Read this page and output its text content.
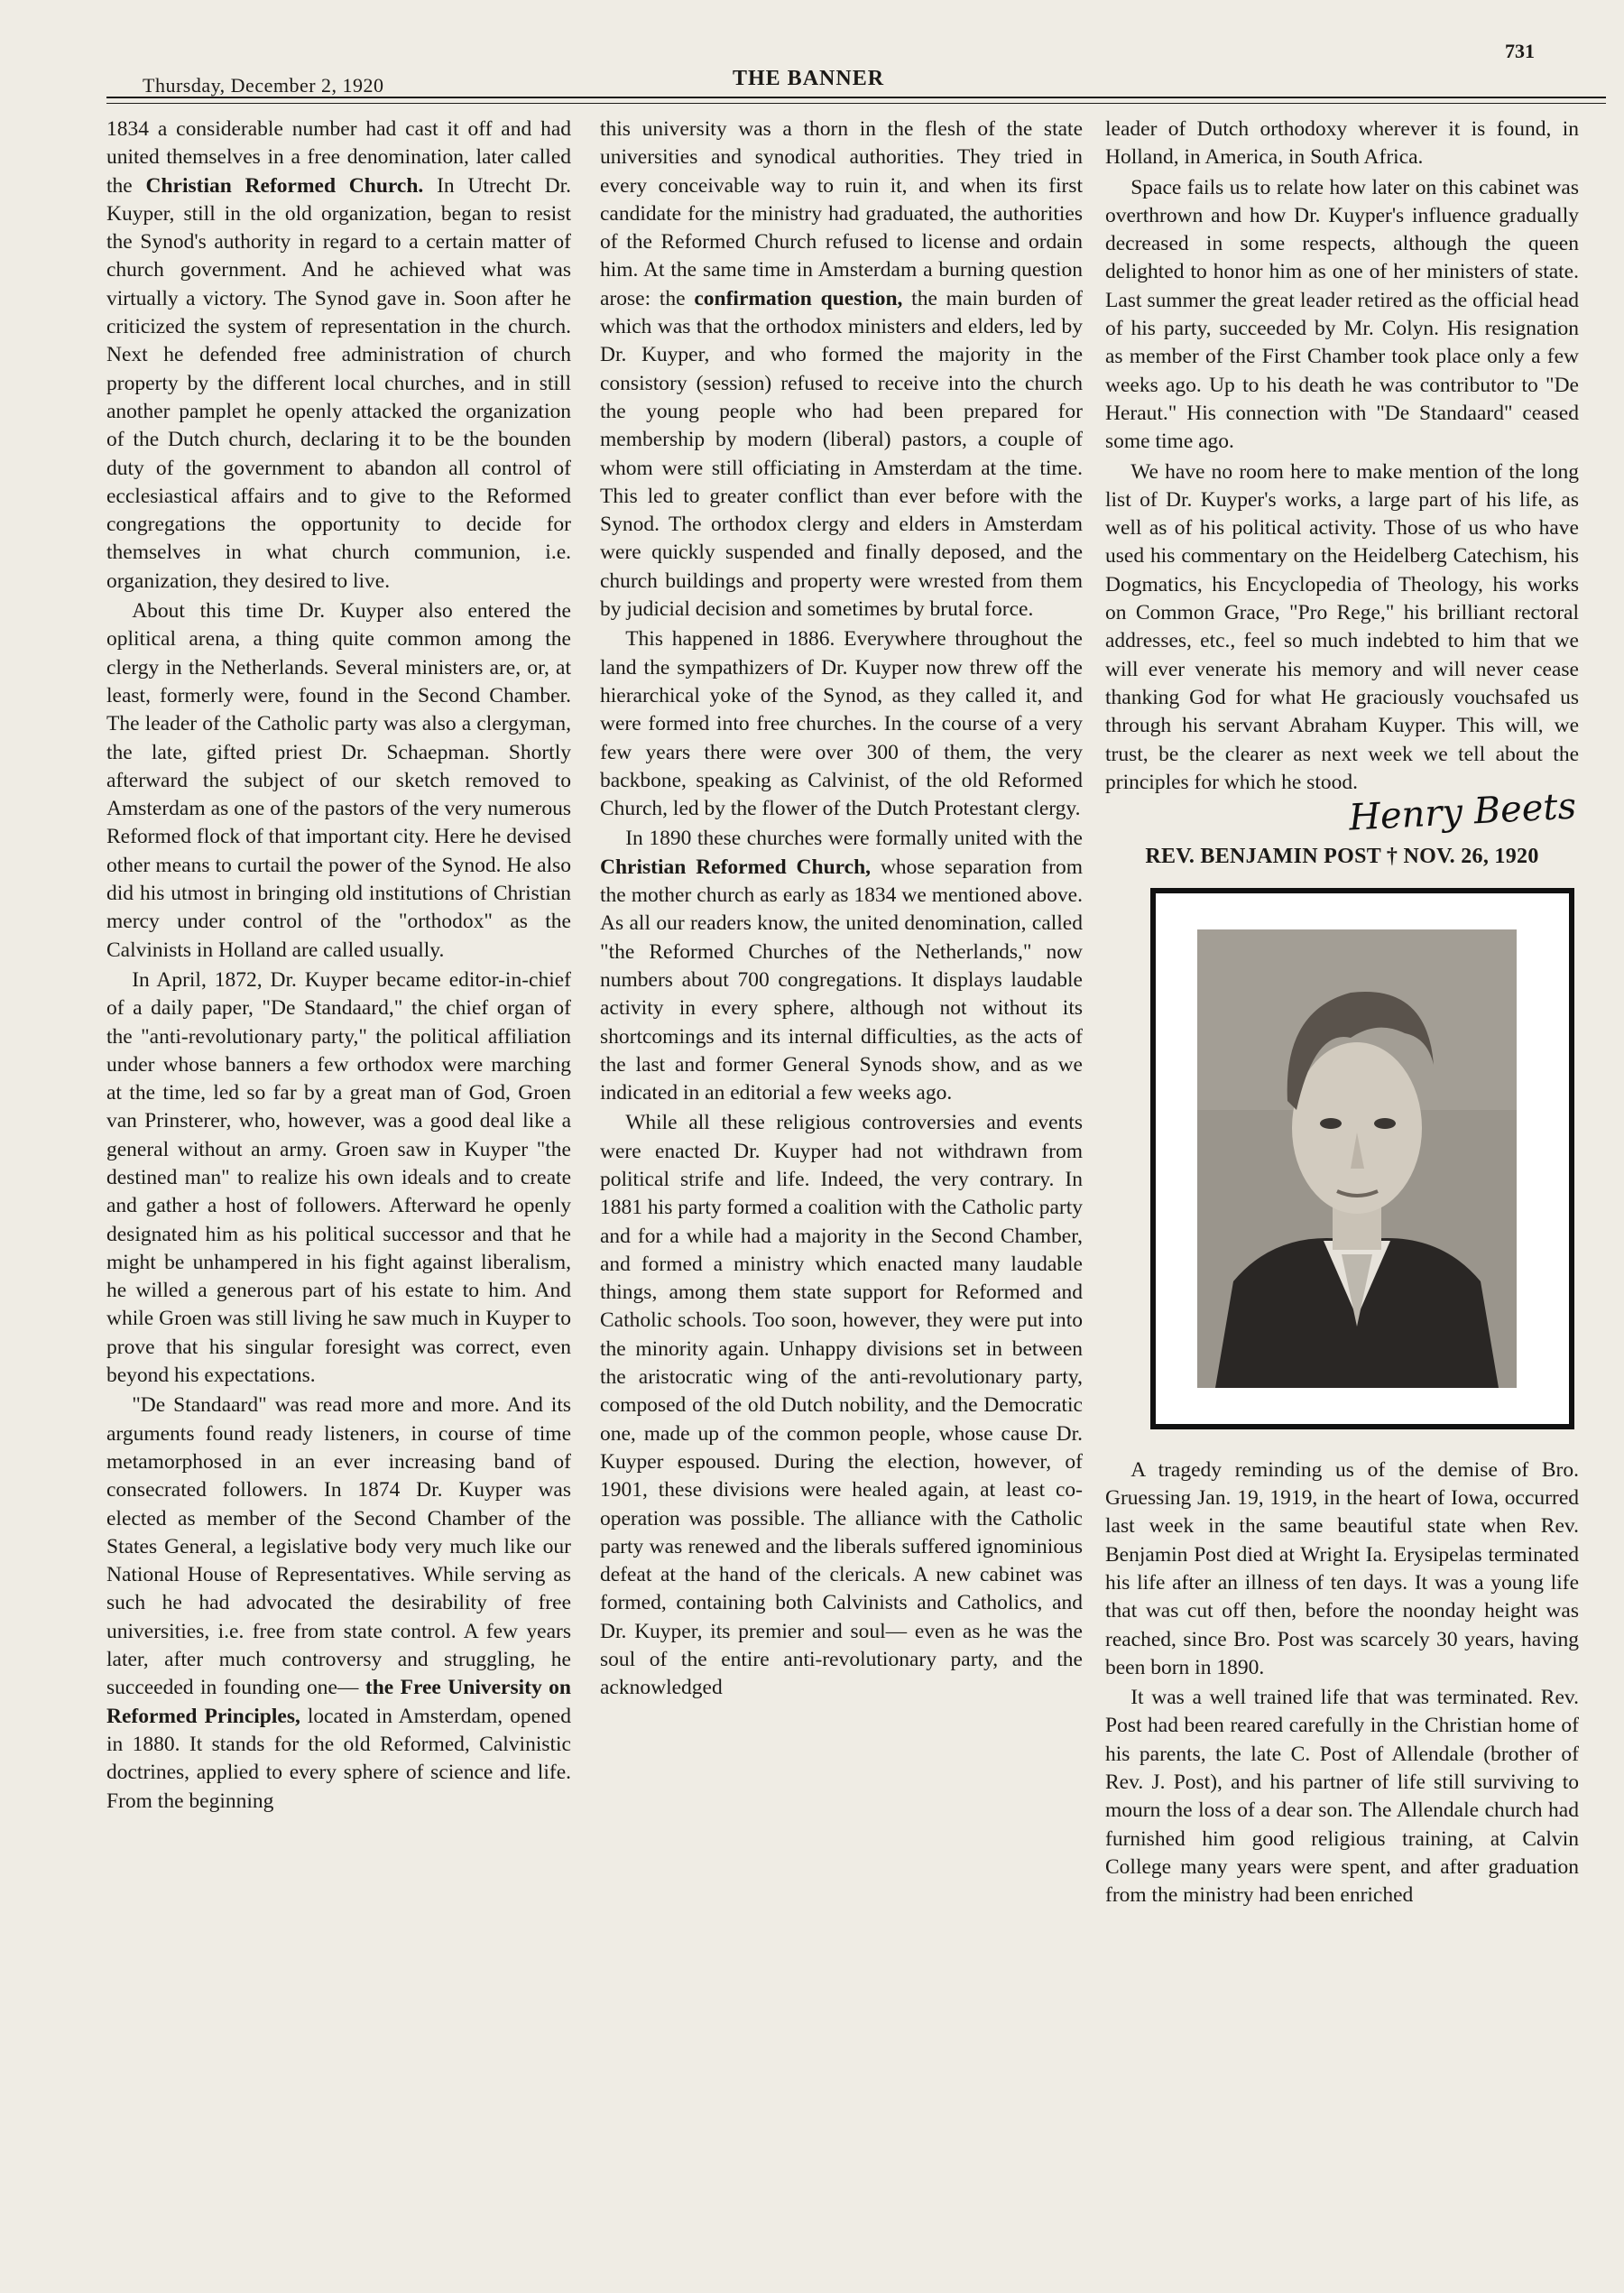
Thursday, December 2, 1920	THE BANNER
731

1834 a considerable number had cast it off and had united themselves in a free denomination, later called the Christian Reformed Church. In Utrecht Dr. Kuyper, still in the old organization, began to resist the Synod's authority in regard to a certain matter of church government. And he achieved what was virtually a victory. The Synod gave in. Soon after he criticized the system of representation in the church. Next he defended free administration of church property by the different local churches, and in still another pamplet he openly attacked the organization of the Dutch church, declaring it to be the bounden duty of the government to abandon all control of ecclesiastical affairs and to give to the Reformed congregations the opportunity to decide for themselves in what church communion, i.e. organization, they desired to live.

About this time Dr. Kuyper also entered the oplitical arena, a thing quite common among the clergy in the Netherlands. Several ministers are, or, at least, formerly were, found in the Second Chamber. The leader of the Catholic party was also a clergyman, the late, gifted priest Dr. Schaepman. Shortly afterward the subject of our sketch removed to Amsterdam as one of the pastors of the very numerous Reformed flock of that important city. Here he devised other means to curtail the power of the Synod. He also did his utmost in bringing old institutions of Christian mercy under control of the "orthodox" as the Calvinists in Holland are called usually.

In April, 1872, Dr. Kuyper became editor-in-chief of a daily paper, "De Standaard," the chief organ of the "anti-revolutionary party," the political affiliation under whose banners a few orthodox were marching at the time, led so far by a great man of God, Groen van Prinsterer, who, however, was a good deal like a general without an army. Groen saw in Kuyper "the destined man" to realize his own ideals and to create and gather a host of followers. Afterward he openly designated him as his political successor and that he might be unhampered in his fight against liberalism, he willed a generous part of his estate to him. And while Groen was still living he saw much in Kuyper to prove that his singular foresight was correct, even beyond his expectations.

"De Standaard" was read more and more. And its arguments found ready listeners, in course of time metamorphosed in an ever increasing band of consecrated followers. In 1874 Dr. Kuyper was elected as member of the Second Chamber of the States General, a legislative body very much like our National House of Representatives. While serving as such he had advocated the desirability of free universities, i.e. free from state control. A few years later, after much controversy and struggling, he succeeded in founding one— the Free University on Reformed Principles, located in Amsterdam, opened in 1880. It stands for the old Reformed, Calvinistic doctrines, applied to every sphere of science and life. From the beginning

this university was a thorn in the flesh of the state universities and synodical authorities. They tried in every conceivable way to ruin it, and when its first candidate for the ministry had graduated, the authorities of the Reformed Church refused to license and ordain him. At the same time in Amsterdam a burning question arose: the confirmation question, the main burden of which was that the orthodox ministers and elders, led by Dr. Kuyper, and who formed the majority in the consistory (session) refused to receive into the church the young people who had been prepared for membership by modern (liberal) pastors, a couple of whom were still officiating in Amsterdam at the time. This led to greater conflict than ever before with the Synod. The orthodox clergy and elders in Amsterdam were quickly suspended and finally deposed, and the church buildings and property were wrested from them by judicial decision and sometimes by brutal force.

This happened in 1886. Everywhere throughout the land the sympathizers of Dr. Kuyper now threw off the hierarchical yoke of the Synod, as they called it, and were formed into free churches. In the course of a very few years there were over 300 of them, the very backbone, speaking as Calvinist, of the old Reformed Church, led by the flower of the Dutch Protestant clergy.

In 1890 these churches were formally united with the Christian Reformed Church, whose separation from the mother church as early as 1834 we mentioned above. As all our readers know, the united denomination, called "the Reformed Churches of the Netherlands," now numbers about 700 congregations. It displays laudable activity in every sphere, although not without its shortcomings and its internal difficulties, as the acts of the last and former General Synods show, and as we indicated in an editorial a few weeks ago.

While all these religious controversies and events were enacted Dr. Kuyper had not withdrawn from political strife and life. Indeed, the very contrary. In 1881 his party formed a coalition with the Catholic party and for a while had a majority in the Second Chamber, and formed a ministry which enacted many laudable things, among them state support for Reformed and Catholic schools. Too soon, however, they were put into the minority again. Unhappy divisions set in between the aristocratic wing of the anti-revolutionary party, composed of the old Dutch nobility, and the Democratic one, made up of the common people, whose cause Dr. Kuyper espoused. During the election, however, of 1901, these divisions were healed again, at least co-operation was possible. The alliance with the Catholic party was renewed and the liberals suffered ignominious defeat at the hand of the clericals. A new cabinet was formed, containing both Calvinists and Catholics, and Dr. Kuyper, its premier and soul— even as he was the soul of the entire anti-revolutionary party, and the acknowledged

leader of Dutch orthodoxy wherever it is found, in Holland, in America, in South Africa.

Space fails us to relate how later on this cabinet was overthrown and how Dr. Kuyper's influence gradually decreased in some respects, although the queen delighted to honor him as one of her ministers of state. Last summer the great leader retired as the official head of his party, succeeded by Mr. Colyn. His resignation as member of the First Chamber took place only a few weeks ago. Up to his death he was contributor to "De Heraut." His connection with "De Standaard" ceased some time ago.

We have no room here to make mention of the long list of Dr. Kuyper's works, a large part of his life, as well as of his political activity. Those of us who have used his commentary on the Heidelberg Catechism, his Dogmatics, his Encyclopedia of Theology, his works on Common Grace, "Pro Rege," his brilliant rectoral addresses, etc., feel so much indebted to him that we will ever venerate his memory and will never cease thanking God for what He graciously vouchsafed us through his servant Abraham Kuyper. This will, we trust, be the clearer as next week we tell about the principles for which he stood.

Henry Beets
REV. BENJAMIN POST † NOV. 26, 1920

A tragedy reminding us of the demise of Bro. Gruessing Jan. 19, 1919, in the heart of Iowa, occurred last week in the same beautiful state when Rev. Benjamin Post died at Wright Ia. Erysipelas terminated his life after an illness of ten days. It was a young life that was cut off then, before the noonday height was reached, since Bro. Post was scarcely 30 years, having been born in 1890.

It was a well trained life that was terminated. Rev. Post had been reared carefully in the Christian home of his parents, the late C. Post of Allendale (brother of Rev. J. Post), and his partner of life still surviving to mourn the loss of a dear son. The Allendale church had furnished him good religious training, at Calvin College many years were spent, and after graduation from the ministry had been enriched
